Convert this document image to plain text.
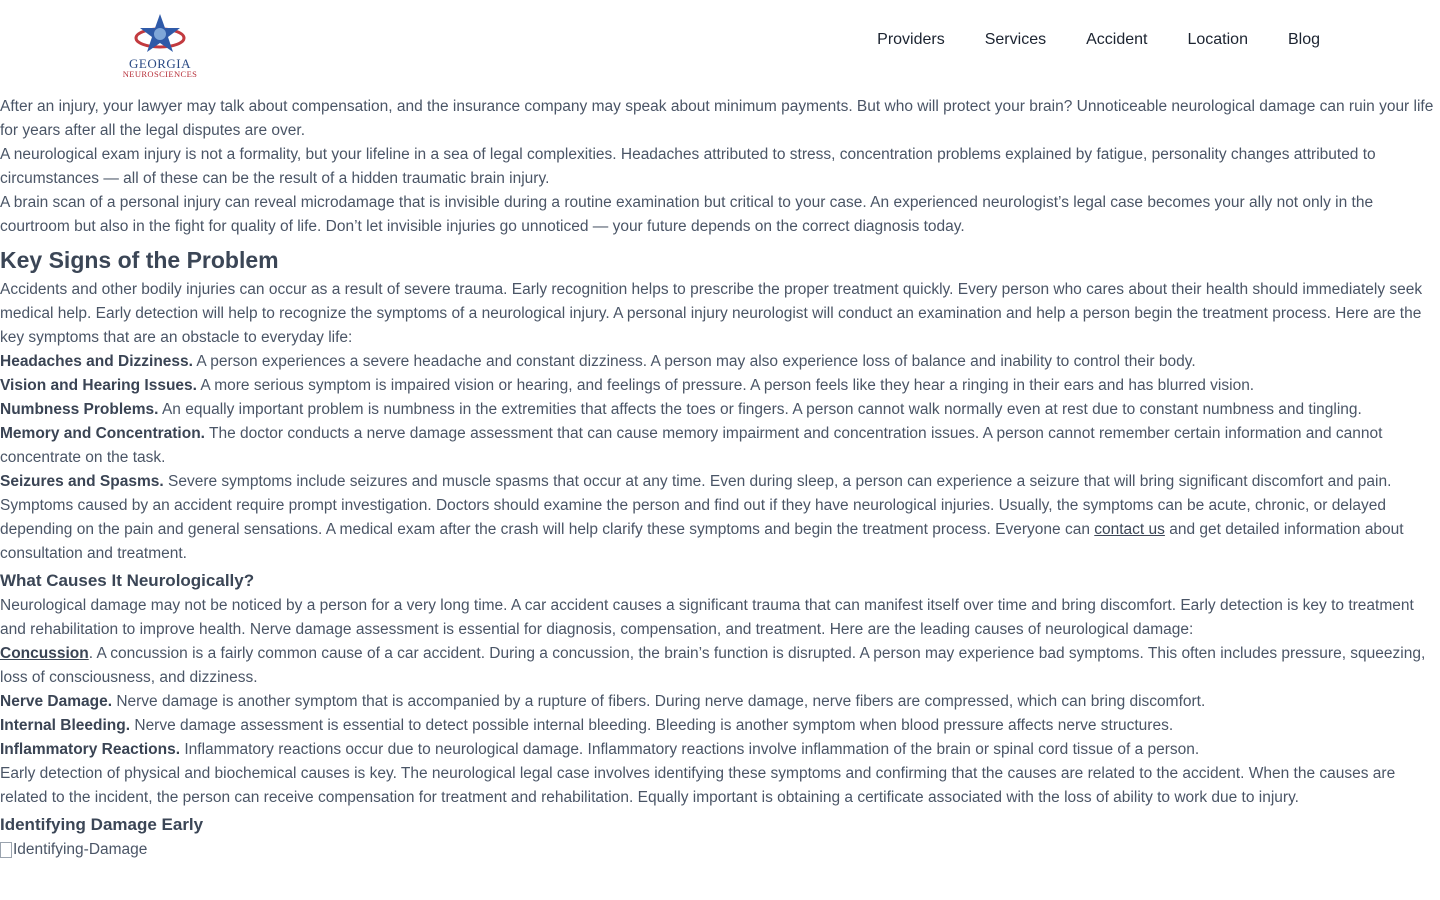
GEORGIA
NEUROSCIENCES
Providers	Services	Accident	Location	Blog

After an injury, your lawyer may talk about compensation, and the insurance company may speak about minimum payments. But who will protect your brain? Unnoticeable neurological damage can ruin your life for years after all the legal disputes are over.

A neurological exam injury is not a formality, but your lifeline in a sea of legal complexities. Headaches attributed to stress, concentration problems explained by fatigue, personality changes attributed to circumstances — all of these can be the result of a hidden traumatic brain injury.

A brain scan of a personal injury can reveal microdamage that is invisible during a routine examination but critical to your case. An experienced neurologist’s legal case becomes your ally not only in the courtroom but also in the fight for quality of life. Don’t let invisible injuries go unnoticed — your future depends on the correct diagnosis today.

Key Signs of the Problem

Accidents and other bodily injuries can occur as a result of severe trauma. Early recognition helps to prescribe the proper treatment quickly. Every person who cares about their health should immediately seek medical help. Early detection will help to recognize the symptoms of a neurological injury. A personal injury neurologist will conduct an examination and help a person begin the treatment process. Here are the key symptoms that are an obstacle to everyday life:

Headaches and Dizziness. A person experiences a severe headache and constant dizziness. A person may also experience loss of balance and inability to control their body.

Vision and Hearing Issues. A more serious symptom is impaired vision or hearing, and feelings of pressure. A person feels like they hear a ringing in their ears and has blurred vision.

Numbness Problems. An equally important problem is numbness in the extremities that affects the toes or fingers. A person cannot walk normally even at rest due to constant numbness and tingling.

Memory and Concentration. The doctor conducts a nerve damage assessment that can cause memory impairment and concentration issues. A person cannot remember certain information and cannot concentrate on the task.

Seizures and Spasms. Severe symptoms include seizures and muscle spasms that occur at any time. Even during sleep, a person can experience a seizure that will bring significant discomfort and pain.

Symptoms caused by an accident require prompt investigation. Doctors should examine the person and find out if they have neurological injuries. Usually, the symptoms can be acute, chronic, or delayed depending on the pain and general sensations. A medical exam after the crash will help clarify these symptoms and begin the treatment process. Everyone can contact us and get detailed information about consultation and treatment.

What Causes It Neurologically?

Neurological damage may not be noticed by a person for a very long time. A car accident causes a significant trauma that can manifest itself over time and bring discomfort. Early detection is key to treatment and rehabilitation to improve health. Nerve damage assessment is essential for diagnosis, compensation, and treatment. Here are the leading causes of neurological damage:

Concussion. A concussion is a fairly common cause of a car accident. During a concussion, the brain’s function is disrupted. A person may experience bad symptoms. This often includes pressure, squeezing, loss of consciousness, and dizziness.

Nerve Damage. Nerve damage is another symptom that is accompanied by a rupture of fibers. During nerve damage, nerve fibers are compressed, which can bring discomfort.

Internal Bleeding. Nerve damage assessment is essential to detect possible internal bleeding. Bleeding is another symptom when blood pressure affects nerve structures.

Inflammatory Reactions. Inflammatory reactions occur due to neurological damage. Inflammatory reactions involve inflammation of the brain or spinal cord tissue of a person.

Early detection of physical and biochemical causes is key. The neurological legal case involves identifying these symptoms and confirming that the causes are related to the accident. When the causes are related to the incident, the person can receive compensation for treatment and rehabilitation. Equally important is obtaining a certificate associated with the loss of ability to work due to injury.

Identifying Damage Early
Identifying-Damage
